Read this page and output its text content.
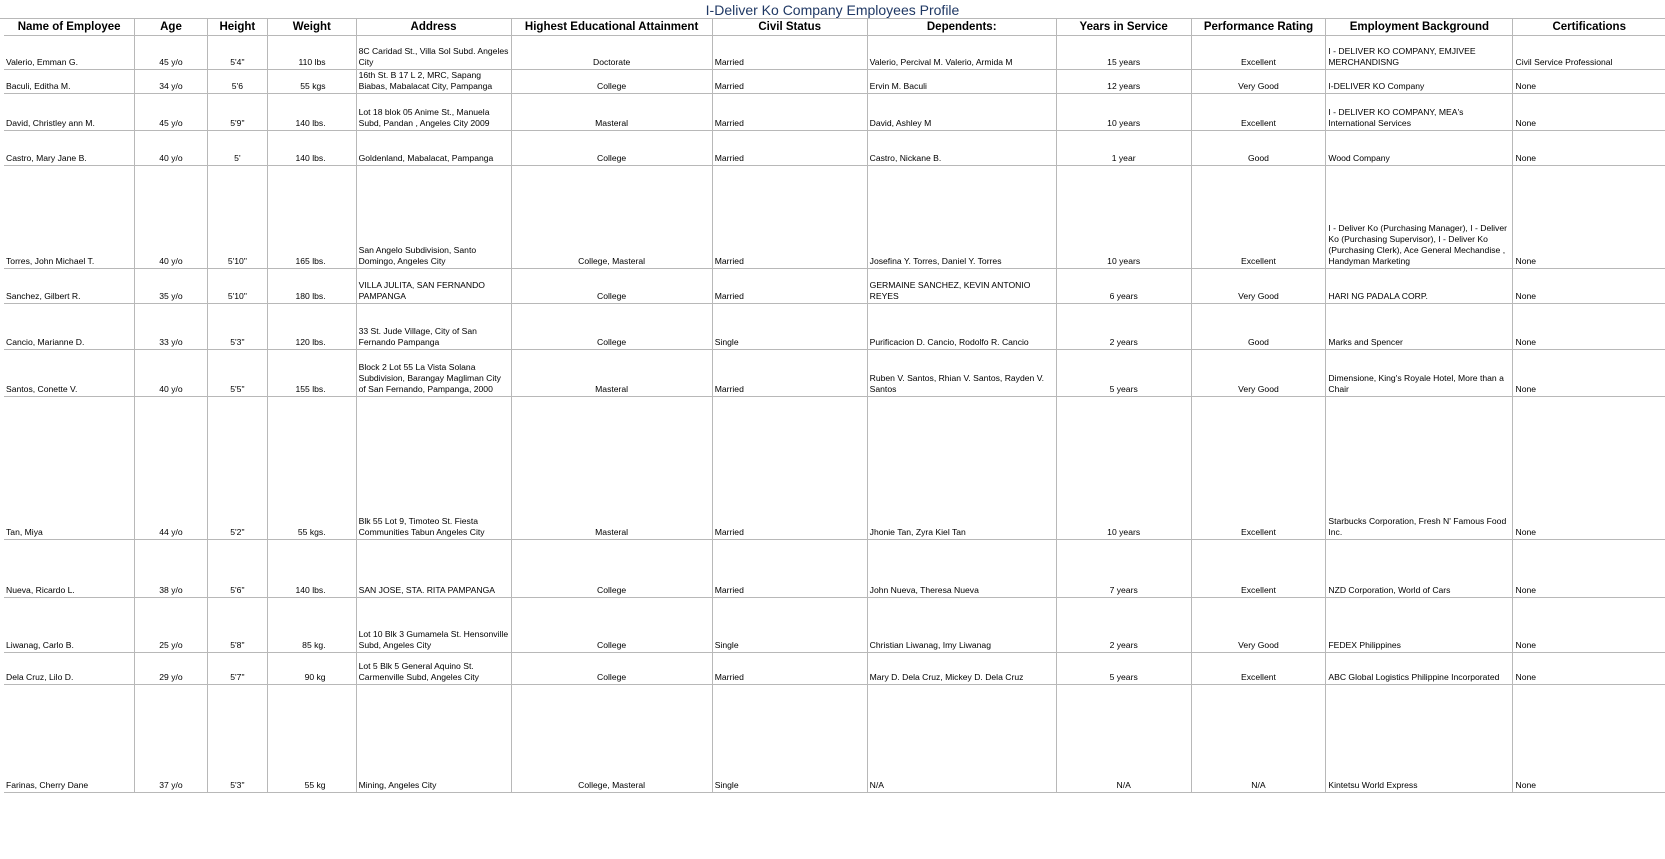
I-Deliver Ko Company Employees Profile
Name of Employee	Age	Height	Weight	Address	Highest Educational Attainment	Civil Status	Dependents:	Years in Service	Performance Rating	Employment Background	Certifications
Valerio, Emman G.	45 y/o	5'4"	110 lbs	8C Caridad St., Villa Sol Subd. Angeles City	Doctorate	Married	Valerio, Percival M. Valerio, Armida M	15 years	Excellent	I - DELIVER KO COMPANY, EMJIVEE MERCHANDISNG	Civil Service Professional
Baculi, Editha M.	34 y/o	5'6	55 kgs	16th St. B 17 L 2, MRC, Sapang Biabas, Mabalacat City, Pampanga	College	Married	Ervin M. Baculi	12 years	Very Good	I-DELIVER KO Company	None
David, Christley ann M.	45 y/o	5'9"	140 lbs.	Lot 18 blok 05 Anime St., Manuela Subd, Pandan , Angeles City 2009	Masteral	Married	David, Ashley M	10 years	Excellent	I - DELIVER KO COMPANY, MEA's International Services	None
Castro, Mary Jane B.	40 y/o	5'	140 lbs.	Goldenland, Mabalacat, Pampanga	College	Married	Castro, Nickane B.	1 year	Good	Wood Company	None
Torres, John Michael T.	40 y/o	5'10"	165 lbs.	San Angelo Subdivision, Santo Domingo, Angeles City	College, Masteral	Married	Josefina Y. Torres, Daniel Y. Torres	10 years	Excellent	I - Deliver Ko (Purchasing Manager), I - Deliver Ko (Purchasing Supervisor), I - Deliver Ko (Purchasing Clerk), Ace General Mechandise , Handyman Marketing	None
Sanchez, Gilbert R.	35 y/o	5'10"	180 lbs.	VILLA JULITA, SAN FERNANDO PAMPANGA	College	Married	GERMAINE SANCHEZ, KEVIN ANTONIO REYES	6 years	Very Good	HARI NG PADALA CORP.	None
Cancio, Marianne D.	33 y/o	5'3"	120 lbs.	33 St. Jude Village, City of San Fernando Pampanga	College	Single	Purificacion D. Cancio, Rodolfo R. Cancio	2 years	Good	Marks and Spencer	None
Santos, Conette V.	40 y/o	5'5"	155 lbs.	Block 2 Lot 55 La Vista Solana Subdivision, Barangay Magliman City of San Fernando, Pampanga, 2000	Masteral	Married	Ruben V. Santos, Rhian V. Santos, Rayden V. Santos	5 years	Very Good	Dimensione, King's Royale Hotel, More than a Chair	None
Tan, Miya	44 y/o	5'2"	55 kgs.	Blk 55 Lot 9, Timoteo St. Fiesta Communities Tabun Angeles City	Masteral	Married	Jhonie Tan, Zyra Kiel Tan	10 years	Excellent	Starbucks Corporation, Fresh N' Famous Food Inc.	None
Nueva, Ricardo L.	38 y/o	5'6"	140 lbs.	SAN JOSE, STA. RITA PAMPANGA	College	Married	John Nueva, Theresa Nueva	7 years	Excellent	NZD Corporation, World of Cars	None
Liwanag, Carlo B.	25 y/o	5'8"	85 kg.	Lot 10 Blk 3 Gumamela St. Hensonville Subd, Angeles City	College	Single	Christian Liwanag, Imy Liwanag	2 years	Very Good	FEDEX Philippines	None
Dela Cruz, Lilo D.	29 y/o	5'7"	90 kg	Lot 5 Blk 5 General Aquino St. Carmenville Subd, Angeles City	College	Married	Mary D. Dela Cruz, Mickey D. Dela Cruz	5 years	Excellent	ABC Global Logistics Philippine Incorporated	None
Farinas, Cherry Dane	37 y/o	5'3"	55 kg	Mining, Angeles City	College, Masteral	Single	N/A	N/A	N/A	Kintetsu World Express	None
